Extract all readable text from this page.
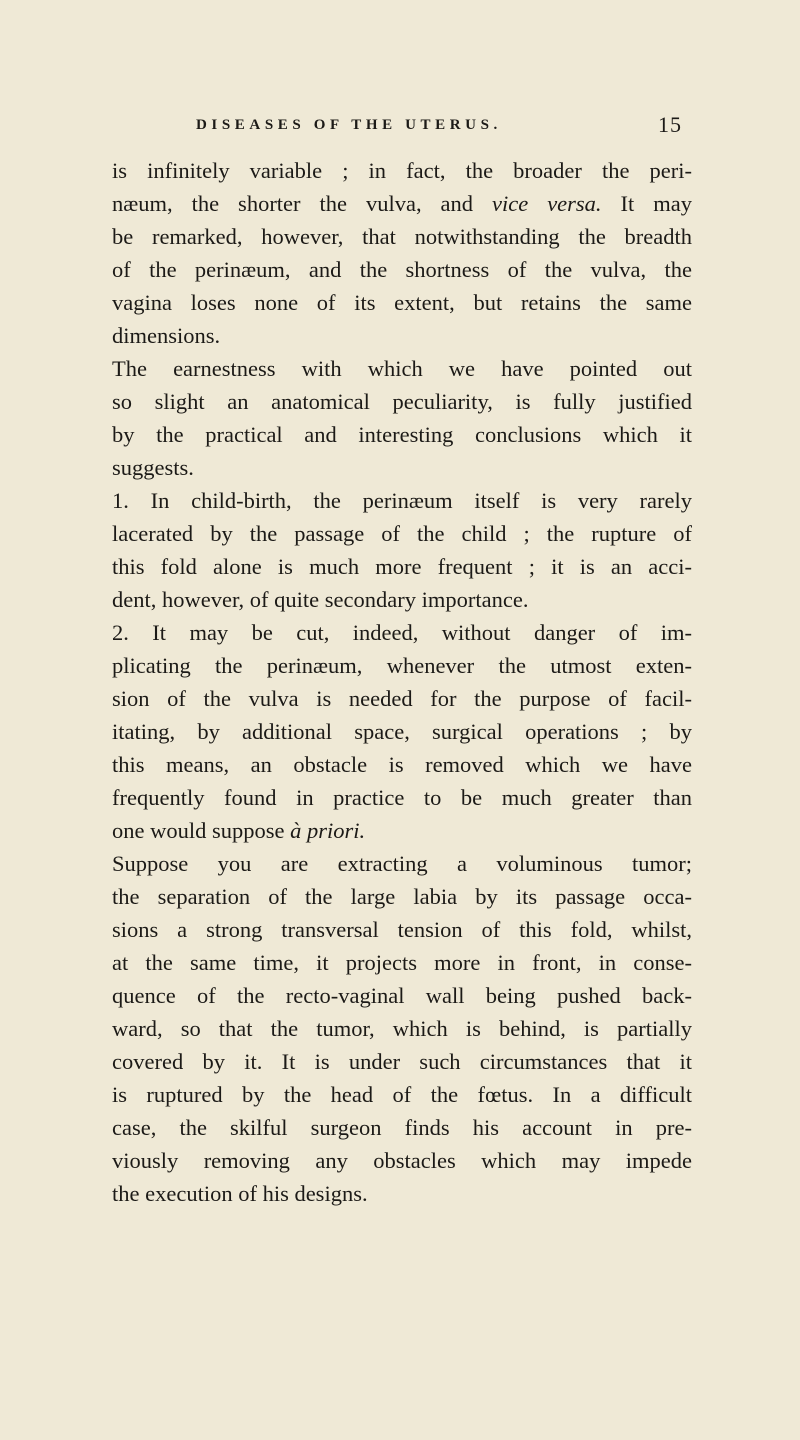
DISEASES OF THE UTERUS.	15
is infinitely variable ; in fact, the broader the peri-
næum, the shorter the vulva, and vice versa. It may
be remarked, however, that notwithstanding the breadth
of the perinæum, and the shortness of the vulva, the
vagina loses none of its extent, but retains the same
dimensions.
The earnestness with which we have pointed out
so slight an anatomical peculiarity, is fully justified
by the practical and interesting conclusions which it
suggests.
1. In child-birth, the perinæum itself is very rarely
lacerated by the passage of the child ; the rupture of
this fold alone is much more frequent ; it is an acci-
dent, however, of quite secondary importance.
2. It may be cut, indeed, without danger of im-
plicating the perinæum, whenever the utmost exten-
sion of the vulva is needed for the purpose of facil-
itating, by additional space, surgical operations ; by
this means, an obstacle is removed which we have
frequently found in practice to be much greater than
one would suppose à priori.
Suppose you are extracting a voluminous tumor;
the separation of the large labia by its passage occa-
sions a strong transversal tension of this fold, whilst,
at the same time, it projects more in front, in conse-
quence of the recto-vaginal wall being pushed back-
ward, so that the tumor, which is behind, is partially
covered by it. It is under such circumstances that it
is ruptured by the head of the fœtus. In a difficult
case, the skilful surgeon finds his account in pre-
viously removing any obstacles which may impede
the execution of his designs.
